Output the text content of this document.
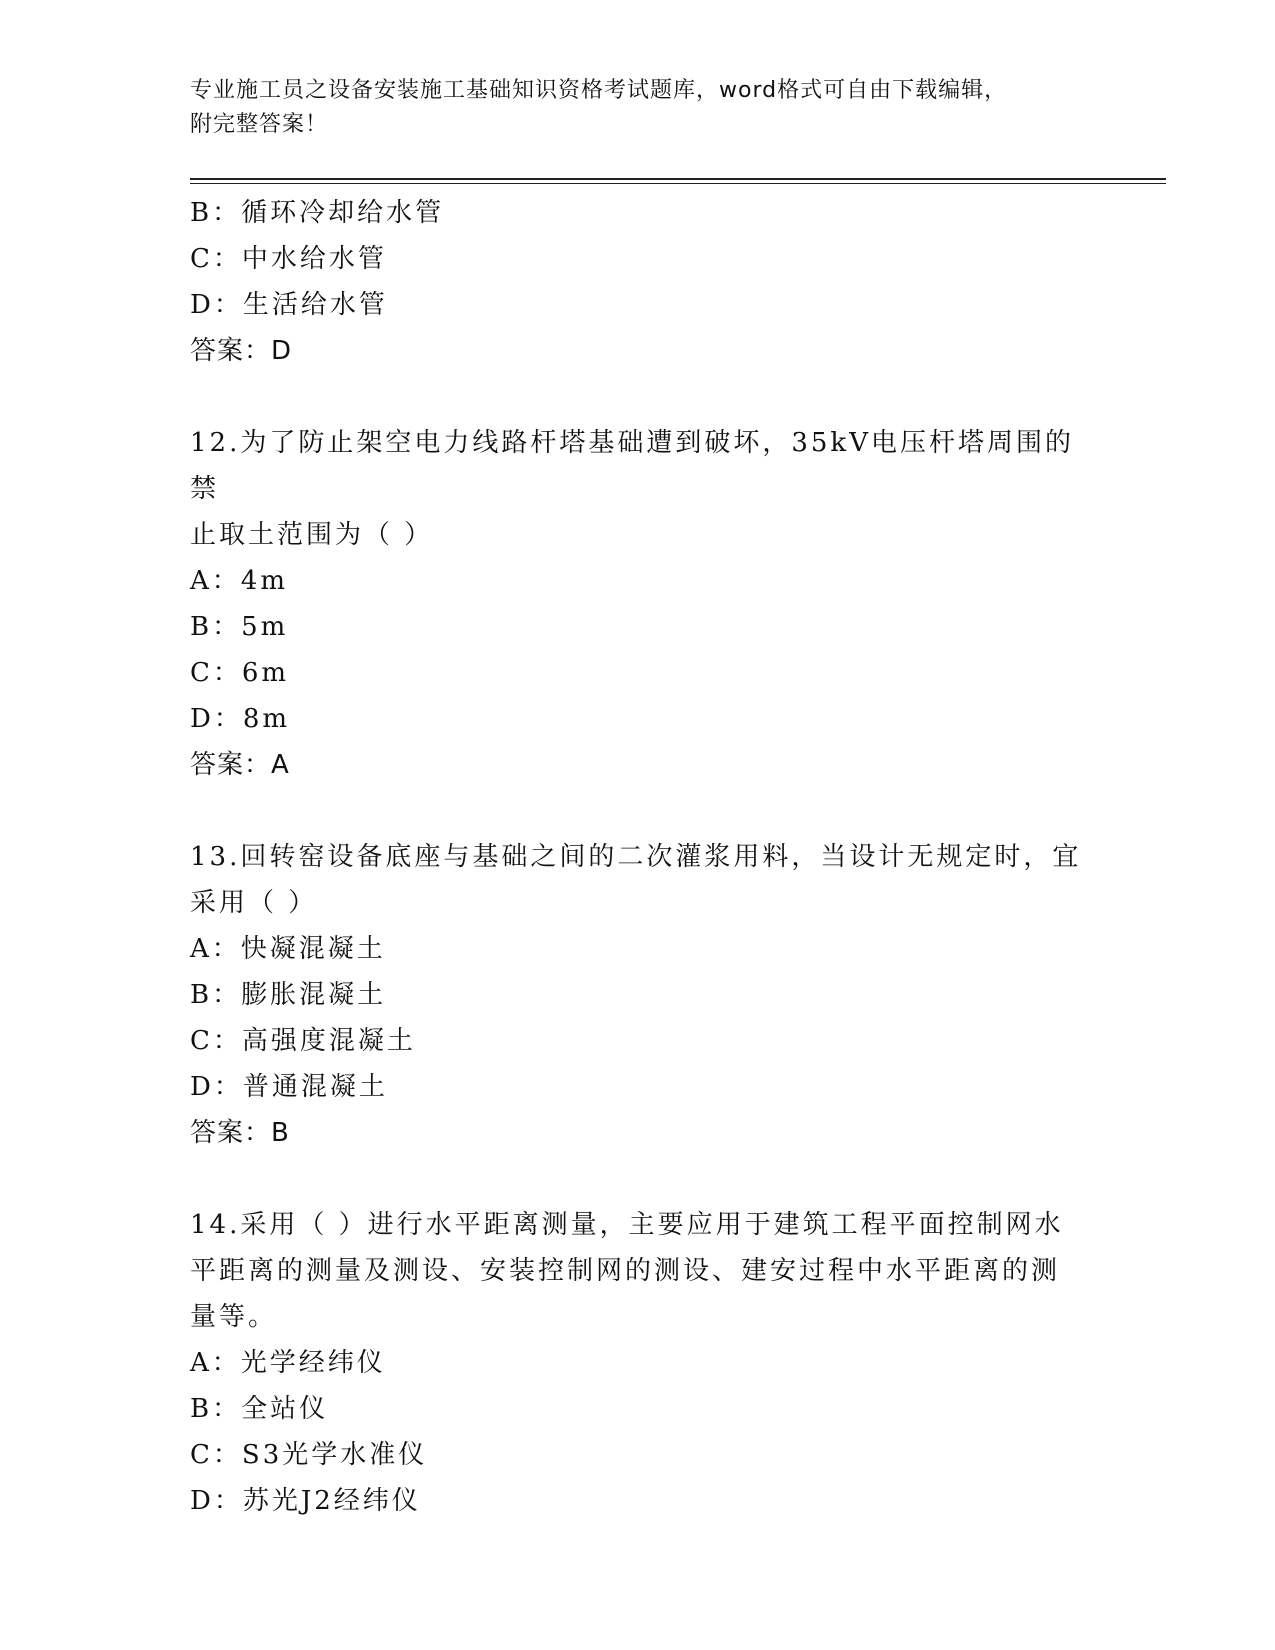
专业施工员之设备安装施工基础知识资格考试题库，word格式可自由下载编辑，
附完整答案！
B：循环冷却给水管
C：中水给水管
D：生活给水管
答案：D
12.为了防止架空电力线路杆塔基础遭到破坏，35kV电压杆塔周围的禁
止取土范围为（ ）
A：4m
B：5m
C：6m
D：8m
答案：A
13.回转窑设备底座与基础之间的二次灌浆用料，当设计无规定时，宜
采用（ ）
A：快凝混凝土
B：膨胀混凝土
C：高强度混凝土
D：普通混凝土
答案：B
14.采用（ ）进行水平距离测量，主要应用于建筑工程平面控制网水
平距离的测量及测设、安装控制网的测设、建安过程中水平距离的测
量等。
A：光学经纬仪
B：全站仪
C：S3光学水准仪
D：苏光J2经纬仪
